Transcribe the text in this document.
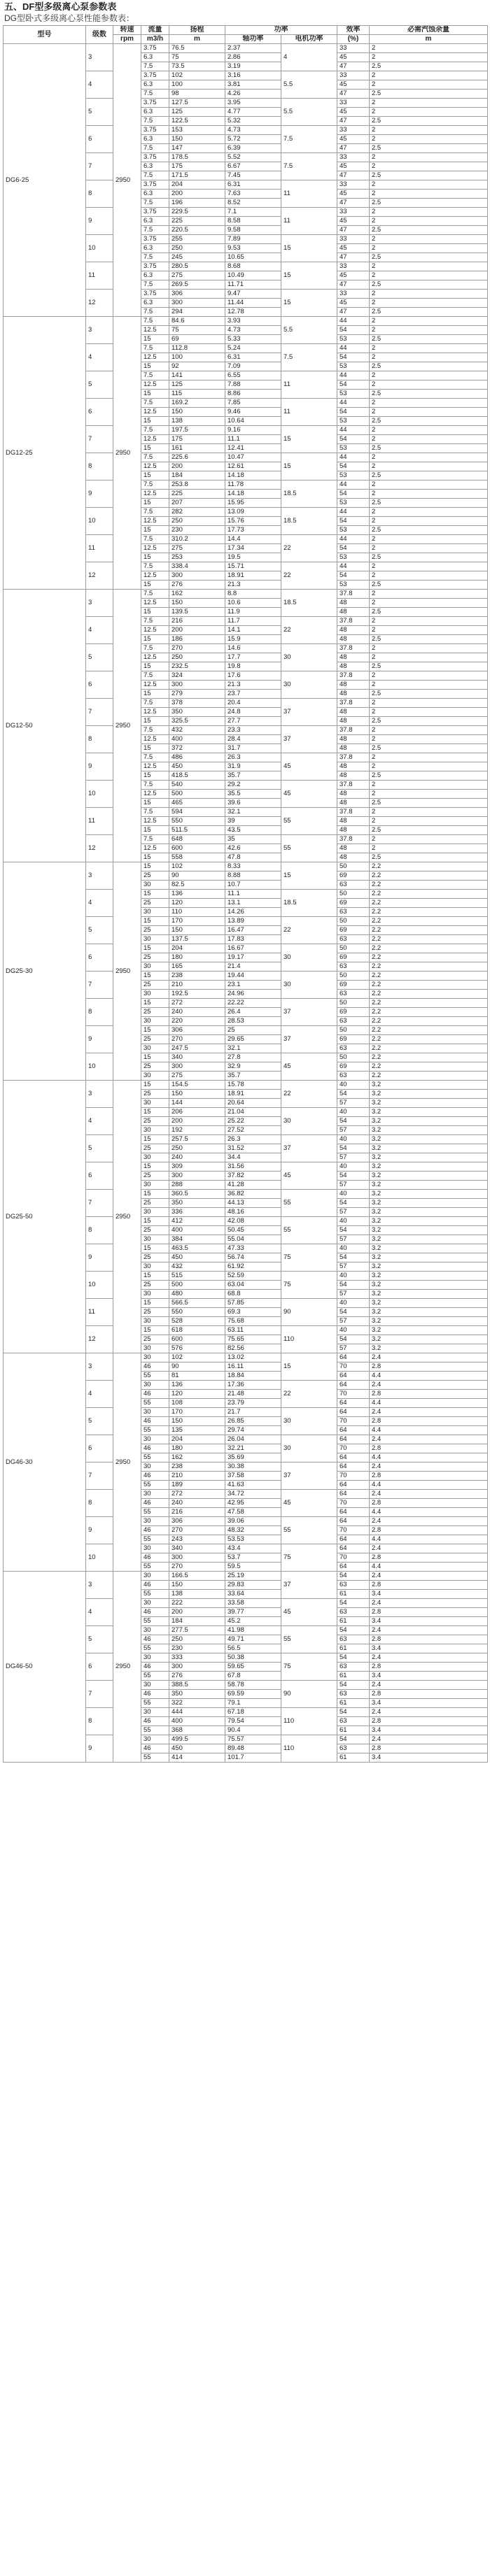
五、DF型多级离心泵参数表
DG型卧式多级离心泵性能参数表：
型号	级数	转速	流量	扬程	功率		效率	必需汽蚀余量
		rpm	m3/h	m	轴功率	电机功率	(%)	m
DG6-25	3	2950	3.75	76.5	2.37	4	33	2
			6.3	75	2.86		45	2
			7.5	73.5	3.19		47	2.5
	4		3.75	102	3.16	5.5	33	2
			6.3	100	3.81		45	2
			7.5	98	4.26		47	2.5
	5		3.75	127.5	3.95	5.5	33	2
			6.3	125	4.77		45	2
			7.5	122.5	5.32		47	2.5
	6		3.75	153	4.73	7.5	33	2
			6.3	150	5.72		45	2
			7.5	147	6.39		47	2.5
	7		3.75	178.5	5.52	7.5	33	2
			6.3	175	6.67		45	2
			7.5	171.5	7.45		47	2.5
	8		3.75	204	6.31	11	33	2
			6.3	200	7.63		45	2
			7.5	196	8.52		47	2.5
	9		3.75	229.5	7.1	11	33	2
			6.3	225	8.58		45	2
			7.5	220.5	9.58		47	2.5
	10		3.75	255	7.89	15	33	2
			6.3	250	9.53		45	2
			7.5	245	10.65		47	2.5
	11		3.75	280.5	8.68	15	33	2
			6.3	275	10.49		45	2
			7.5	269.5	11.71		47	2.5
	12		3.75	306	9.47	15	33	2
			6.3	300	11.44		45	2
			7.5	294	12.78		47	2.5
DG12-25	3	2950	7.5	84.6	3.93	5.5	44	2
			12.5	75	4.73		54	2
			15	69	5.33		53	2.5
	4		7.5	112.8	5.24	7.5	44	2
			12.5	100	6.31		54	2
			15	92	7.09		53	2.5
	5		7.5	141	6.55	11	44	2
			12.5	125	7.88		54	2
			15	115	8.86		53	2.5
	6		7.5	169.2	7.85	11	44	2
			12.5	150	9.46		54	2
			15	138	10.64		53	2.5
	7		7.5	197.5	9.16	15	44	2
			12.5	175	11.1		54	2
			15	161	12.41		53	2.5
	8		7.5	225.6	10.47	15	44	2
			12.5	200	12.61		54	2
			15	184	14.18		53	2.5
	9		7.5	253.8	11.78	18.5	44	2
			12.5	225	14.18		54	2
			15	207	15.95		53	2.5
	10		7.5	282	13.09	18.5	44	2
			12.5	250	15.76		54	2
			15	230	17.73		53	2.5
	11		7.5	310.2	14.4	22	44	2
			12.5	275	17.34		54	2
			15	253	19.5		53	2.5
	12		7.5	338.4	15.71	22	44	2
			12.5	300	18.91		54	2
			15	276	21.3		53	2.5
DG12-50	3	2950	7.5	162	8.8	18.5	37.8	2
			12.5	150	10.6		48	2
			15	139.5	11.9		48	2.5
	4		7.5	216	11.7	22	37.8	2
			12.5	200	14.1		48	2
			15	186	15.9		48	2.5
	5		7.5	270	14.6	30	37.8	2
			12.5	250	17.7		48	2
			15	232.5	19.8		48	2.5
	6		7.5	324	17.6	30	37.8	2
			12.5	300	21.3		48	2
			15	279	23.7		48	2.5
	7		7.5	378	20.4	37	37.8	2
			12.5	350	24.8		48	2
			15	325.5	27.7		48	2.5
	8		7.5	432	23.3	37	37.8	2
			12.5	400	28.4		48	2
			15	372	31.7		48	2.5
	9		7.5	486	26.3	45	37.8	2
			12.5	450	31.9		48	2
			15	418.5	35.7		48	2.5
	10		7.5	540	29.2	45	37.8	2
			12.5	500	35.5		48	2
			15	465	39.6		48	2.5
	11		7.5	594	32.1	55	37.8	2
			12.5	550	39		48	2
			15	511.5	43.5		48	2.5
	12		7.5	648	35	55	37.8	2
			12.5	600	42.6		48	2
			15	558	47.8		48	2.5
DG25-30	3	2950	15	102	8.33	15	50	2.2
			25	90	8.88		69	2.2
			30	82.5	10.7		63	2.2
	4		15	136	11.1	18.5	50	2.2
			25	120	13.1		69	2.2
			30	110	14.26		63	2.2
	5		15	170	13.89	22	50	2.2
			25	150	16.47		69	2.2
			30	137.5	17.83		63	2.2
	6		15	204	16.67	30	50	2.2
			25	180	19.17		69	2.2
			30	165	21.4		63	2.2
	7		15	238	19.44	30	50	2.2
			25	210	23.1		69	2.2
			30	192.5	24.96		63	2.2
	8		15	272	22.22	37	50	2.2
			25	240	26.4		69	2.2
			30	220	28.53		63	2.2
	9		15	306	25	37	50	2.2
			25	270	29.65		69	2.2
			30	247.5	32.1		63	2.2
	10		15	340	27.8	45	50	2.2
			25	300	32.9		69	2.2
			30	275	35.7		63	2.2
DG25-50	3	2950	15	154.5	15.78	22	40	3.2
			25	150	18.91		54	3.2
			30	144	20.64		57	3.2
	4		15	206	21.04	30	40	3.2
			25	200	25.22		54	3.2
			30	192	27.52		57	3.2
	5		15	257.5	26.3	37	40	3.2
			25	250	31.52		54	3.2
			30	240	34.4		57	3.2
	6		15	309	31.56	45	40	3.2
			25	300	37.82		54	3.2
			30	288	41.28		57	3.2
	7		15	360.5	36.82	55	40	3.2
			25	350	44.13		54	3.2
			30	336	48.16		57	3.2
	8		15	412	42.08	55	40	3.2
			25	400	50.45		54	3.2
			30	384	55.04		57	3.2
	9		15	463.5	47.33	75	40	3.2
			25	450	56.74		54	3.2
			30	432	61.92		57	3.2
	10		15	515	52.59	75	40	3.2
			25	500	63.04		54	3.2
			30	480	68.8		57	3.2
	11		15	566.5	57.85	90	40	3.2
			25	550	69.3		54	3.2
			30	528	75.68		57	3.2
	12		15	618	63.11	110	40	3.2
			25	600	75.65		54	3.2
			30	576	82.56		57	3.2
DG46-30	3	2950	30	102	13.02	15	64	2.4
			46	90	16.11		70	2.8
			55	81	18.84		64	4.4
	4		30	136	17.36	22	64	2.4
			46	120	21.48		70	2.8
			55	108	23.79		64	4.4
	5		30	170	21.7	30	64	2.4
			46	150	26.85		70	2.8
			55	135	29.74		64	4.4
	6		30	204	26.04	30	64	2.4
			46	180	32.21		70	2.8
			55	162	35.69		64	4.4
	7		30	238	30.38	37	64	2.4
			46	210	37.58		70	2.8
			55	189	41.63		64	4.4
	8		30	272	34.72	45	64	2.4
			46	240	42.95		70	2.8
			55	216	47.58		64	4.4
	9		30	306	39.06	55	64	2.4
			46	270	48.32		70	2.8
			55	243	53.53		64	4.4
	10		30	340	43.4	75	64	2.4
			46	300	53.7		70	2.8
			55	270	59.5		64	4.4
DG46-50	3	2950	30	166.5	25.19	37	54	2.4
			46	150	29.83		63	2.8
			55	138	33.64		61	3.4
	4		30	222	33.58	45	54	2.4
			46	200	39.77		63	2.8
			55	184	45.2		61	3.4
	5		30	277.5	41.98	55	54	2.4
			46	250	49.71		63	2.8
			55	230	56.5		61	3.4
	6		30	333	50.38	75	54	2.4
			46	300	59.65		63	2.8
			55	276	67.8		61	3.4
	7		30	388.5	58.78	90	54	2.4
			46	350	69.59		63	2.8
			55	322	79.1		61	3.4
	8		30	444	67.18	110	54	2.4
			46	400	79.54		63	2.8
			55	368	90.4		61	3.4
	9		30	499.5	75.57	110	54	2.4
			46	450	89.48		63	2.8
			55	414	101.7		61	3.4
